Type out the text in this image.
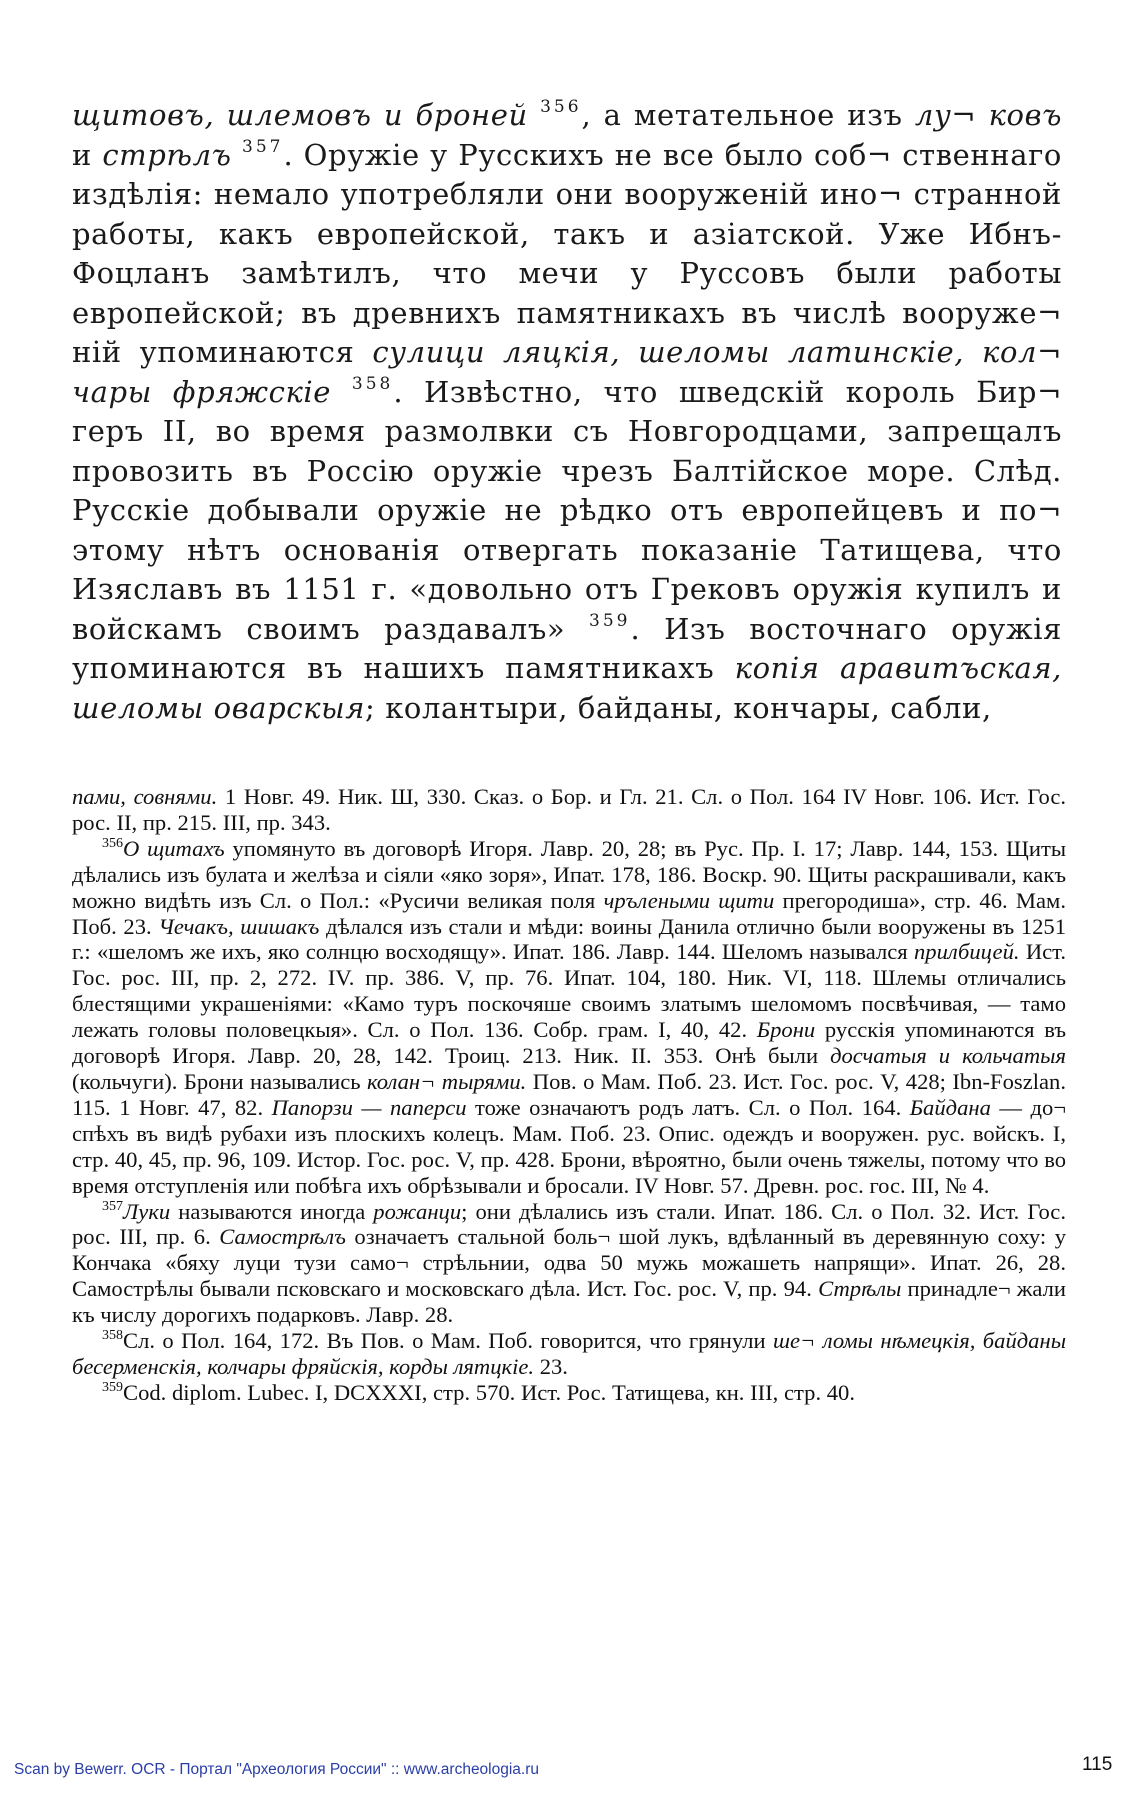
щитовъ, шлемовъ и броней $^{356}$, а метательное изъ лу¬ ковъ и стрѣлъ $^{357}$. Оружіе у Русскихъ не все было соб¬ ственнаго издѣлія: немало употребляли они вооруженій ино¬ странной работы, какъ европейской, такъ и азіатской. Уже Ибнъ-Фоцланъ замѣтилъ, что мечи у Руссовъ были работы европейской; въ древнихъ памятникахъ въ числѣ вооруже¬ ній упоминаются сулици ляцкія, шеломы латинскіе, кол¬ чары фряжскіе $^{358}$. Извѣстно, что шведскій король Бир¬ геръ II, во время размолвки съ Новгородцами, запрещалъ провозить въ Россію оружіе чрезъ Балтійское море. Слѣд. Русскіе добывали оружіе не рѣдко отъ европейцевъ и по¬ этому нѣтъ основанія отвергать показаніе Татищева, что Изяславъ въ 1151 г. «довольно отъ Грековъ оружія купилъ и войскамъ своимъ раздавалъ» $^{359}$. Изъ восточнаго оружія упоминаются въ нашихъ памятникахъ копія аравитъская, шеломы оварскыя; колантыри, байданы, кончары, сабли,

пами, совнями. 1 Новг. 49. Ник. Ш, 330. Сказ. о Бор. и Гл. 21. Сл. о Пол. 164 IV Новг. 106. Ист. Гос. рос. II, пр. 215. III, пр. 343.

$^{356}$О щитахъ упомянуто въ договорѣ Игоря. Лавр. 20, 28; въ Рус. Пр. I. 17; Лавр. 144, 153. Щиты дѣлались изъ булата и желѣза и сіяли «яко зоря», Ипат. 178, 186. Воскр. 90. Щиты раскрашивали, какъ можно видѣть изъ Сл. о Пол.: «Русичи великая поля чрълеными щити прегородиша», стр. 46. Мам. Поб. 23. Чечакъ, шишакъ дѣлался изъ стали и мѣди: воины Данила отлично были вооружены въ 1251 г.: «шеломъ же ихъ, яко солнцю восходящу». Ипат. 186. Лавр. 144. Шеломъ назывался прилбицей. Ист. Гос. рос. III, пр. 2, 272. IV. пр. 386. V, пр. 76. Ипат. 104, 180. Ник. VI, 118. Шлемы отличались блестящими украшеніями: «Камо туръ поскочяше своимъ златымъ шеломомъ посвѣчивая, — тамо лежать головы половецкыя». Сл. о Пол. 136. Собр. грам. I, 40, 42. Брони русскія упоминаются въ договорѣ Игоря. Лавр. 20, 28, 142. Троиц. 213. Ник. II. 353. Онѣ были досчатыя и кольчатыя (кольчуги). Брони назывались колан¬ тырями. Пов. о Мам. Поб. 23. Ист. Гос. рос. V, 428; Ibn-Foszlan. 115. 1 Новг. 47, 82. Папорзи — паперси тоже означаютъ родъ латъ. Сл. о Пол. 164. Байдана — до¬ спѣхъ въ видѣ рубахи изъ плоскихъ колецъ. Мам. Поб. 23. Опис. одеждъ и вооружен. рус. войскъ. I, стр. 40, 45, пр. 96, 109. Истор. Гос. рос. V, пр. 428. Брони, вѣроятно, были очень тяжелы, потому что во время отступленія или побѣга ихъ обрѣзывали и бросали. IV Новг. 57. Древн. рос. гос. III, № 4.

$^{357}$Луки называются иногда рожанци; они дѣлались изъ стали. Ипат. 186. Сл. о Пол. 32. Ист. Гос. рос. III, пр. 6. Самострѣлъ означаетъ стальной боль¬ шой лукъ, вдѣланный въ деревянную соху: у Кончака «бяху луци тузи само¬ стрѣльнии, одва 50 мужь можашеть напрящи». Ипат. 26, 28. Самострѣлы бывали псковскаго и московскаго дѣла. Ист. Гос. рос. V, пр. 94. Стрѣлы принадле¬ жали къ числу дорогихъ подарковъ. Лавр. 28.

$^{358}$Сл. о Пол. 164, 172. Въ Пов. о Мам. Поб. говорится, что грянули ше¬ ломы нѣмецкія, байданы бесерменскія, колчары фряйскія, корды лятцкіе. 23.

$^{359}$Cod. diplom. Lubec. I, DCXXXI, стр. 570. Ист. Рос. Татищева, кн. III, стр. 40.

Scan by Bewerr. OCR - Портал "Археология России" :: www.archeologia.ru	115
